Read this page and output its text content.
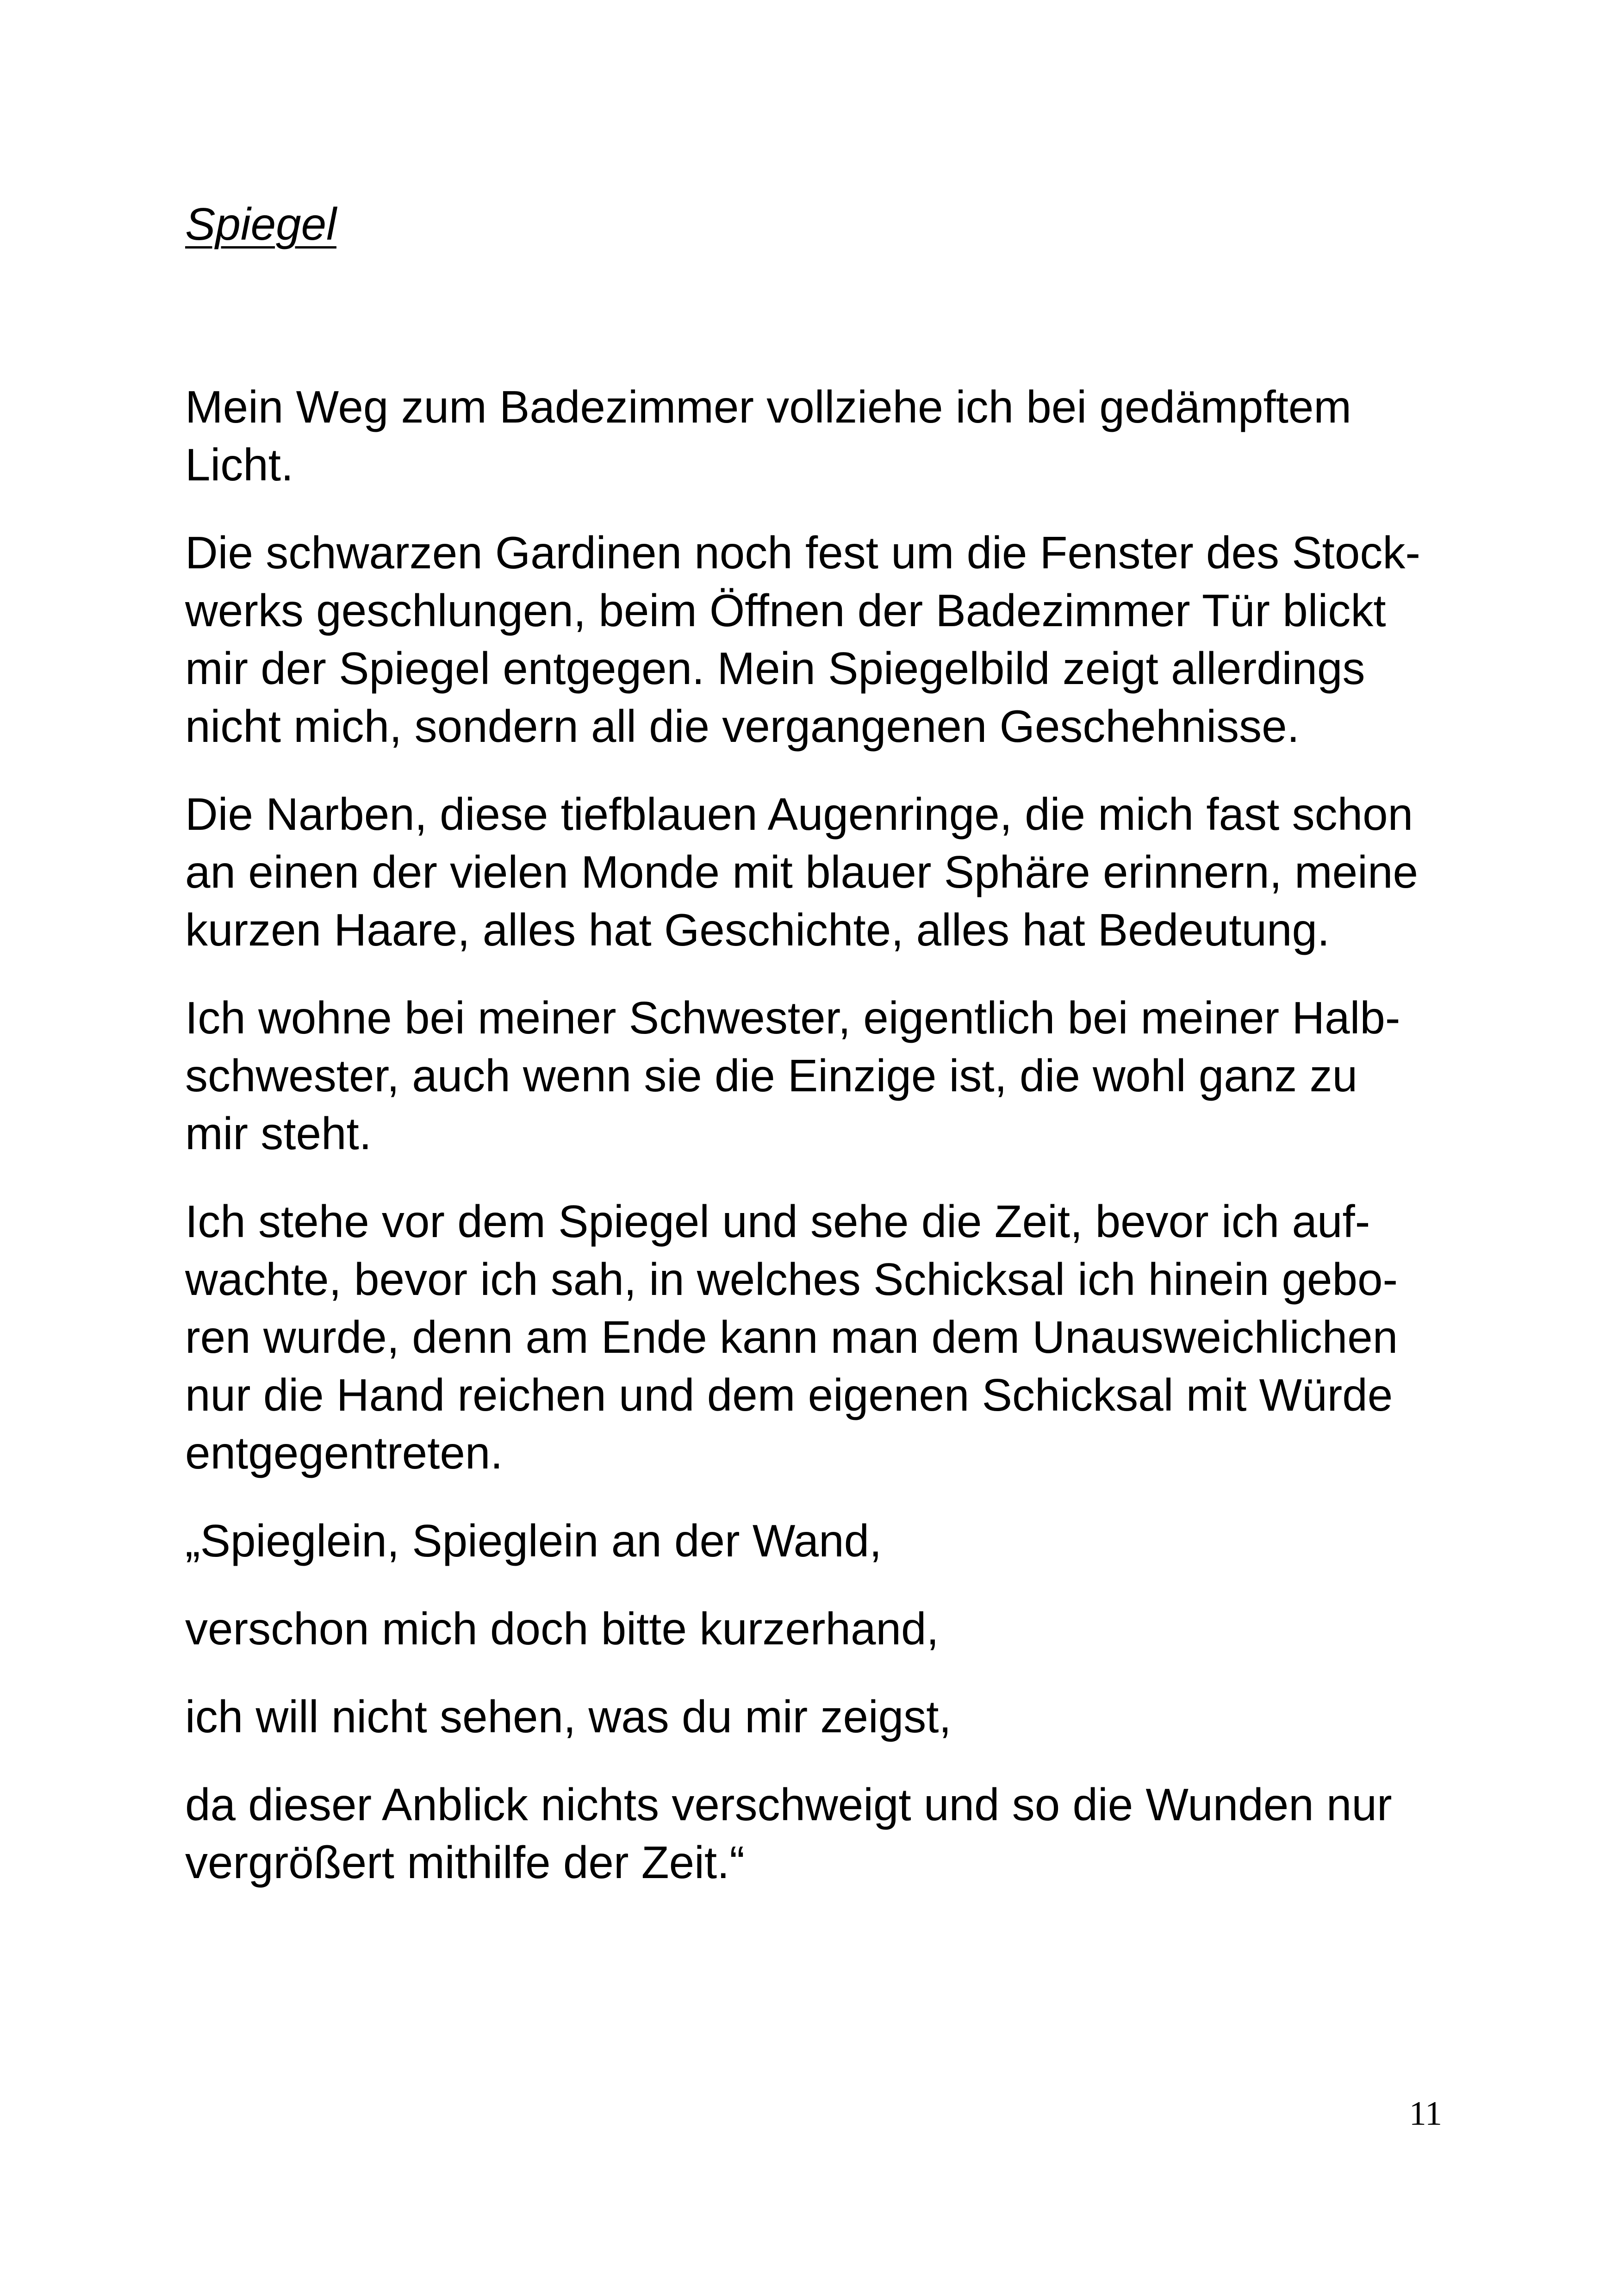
Spiegel

Mein Weg zum Badezimmer vollziehe ich bei gedämpftem

Licht.

Die schwarzen Gardinen noch fest um die Fenster des Stock-

werks geschlungen, beim Öffnen der Badezimmer Tür blickt

mir der Spiegel entgegen. Mein Spiegelbild zeigt allerdings

nicht mich, sondern all die vergangenen Geschehnisse.

Die Narben, diese tiefblauen Augenringe, die mich fast schon

an einen der vielen Monde mit blauer Sphäre erinnern, meine

kurzen Haare, alles hat Geschichte, alles hat Bedeutung.

Ich wohne bei meiner Schwester, eigentlich bei meiner Halb-

schwester, auch wenn sie die Einzige ist, die wohl ganz zu

mir steht.

Ich stehe vor dem Spiegel und sehe die Zeit, bevor ich auf-

wachte, bevor ich sah, in welches Schicksal ich hinein gebo-

ren wurde, denn am Ende kann man dem Unausweichlichen

nur die Hand reichen und dem eigenen Schicksal mit Würde

entgegentreten.

„Spieglein, Spieglein an der Wand,

verschon mich doch bitte kurzerhand,

ich will nicht sehen, was du mir zeigst,

da dieser Anblick nichts verschweigt und so die Wunden nur

vergrößert mithilfe der Zeit.“

11
